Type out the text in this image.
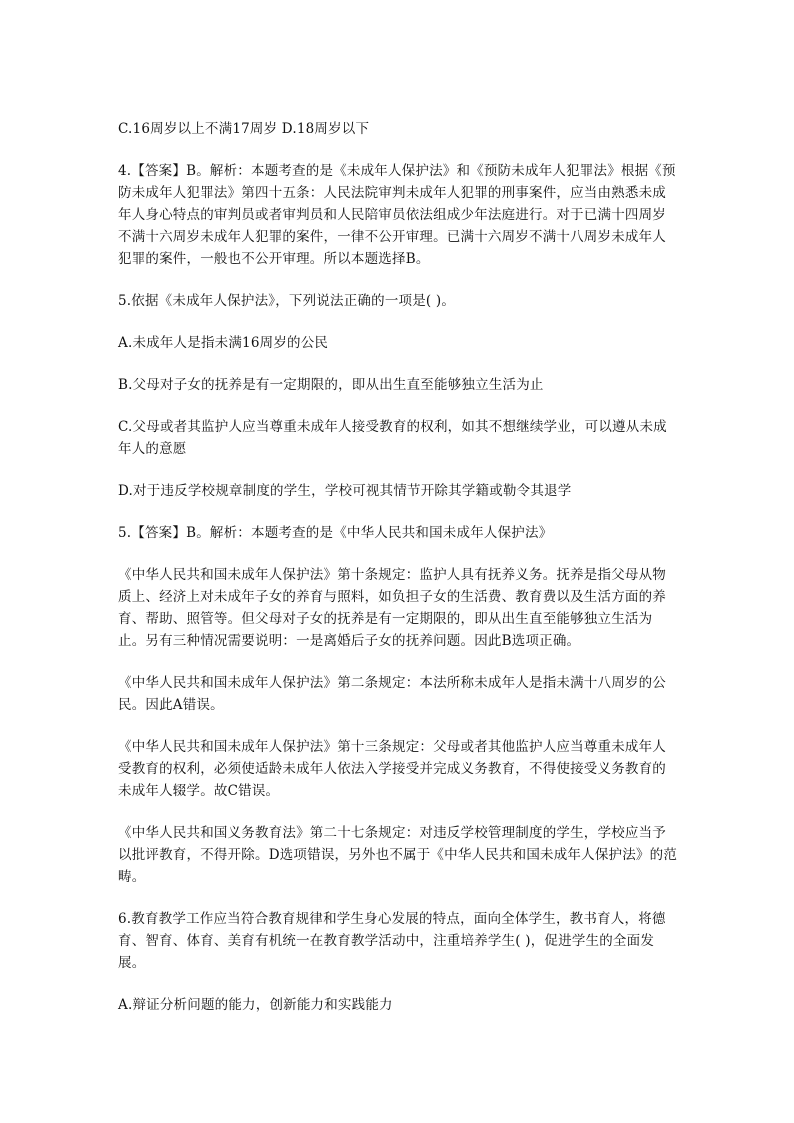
C.16周岁以上不满17周岁 D.18周岁以下

4.【答案】B。解析：本题考查的是《未成年人保护法》和《预防未成年人犯罪法》根据《预防未成年人犯罪法》第四十五条：人民法院审判未成年人犯罪的刑事案件，应当由熟悉未成年人身心特点的审判员或者审判员和人民陪审员依法组成少年法庭进行。对于已满十四周岁不满十六周岁未成年人犯罪的案件，一律不公开审理。已满十六周岁不满十八周岁未成年人犯罪的案件，一般也不公开审理。所以本题选择B。

5.依据《未成年人保护法》，下列说法正确的一项是( )。

A.未成年人是指未满16周岁的公民

B.父母对子女的抚养是有一定期限的，即从出生直至能够独立生活为止

C.父母或者其监护人应当尊重未成年人接受教育的权利，如其不想继续学业，可以遵从未成年人的意愿

D.对于违反学校规章制度的学生，学校可视其情节开除其学籍或勒令其退学

5.【答案】B。解析：本题考查的是《中华人民共和国未成年人保护法》

《中华人民共和国未成年人保护法》第十条规定：监护人具有抚养义务。抚养是指父母从物质上、经济上对未成年子女的养育与照料，如负担子女的生活费、教育费以及生活方面的养育、帮助、照管等。但父母对子女的抚养是有一定期限的，即从出生直至能够独立生活为止。另有三种情况需要说明：一是离婚后子女的抚养问题。因此B选项正确。

《中华人民共和国未成年人保护法》第二条规定：本法所称未成年人是指未满十八周岁的公民。因此A错误。

《中华人民共和国未成年人保护法》第十三条规定：父母或者其他监护人应当尊重未成年人受教育的权利，必须使适龄未成年人依法入学接受并完成义务教育，不得使接受义务教育的未成年人辍学。故C错误。

《中华人民共和国义务教育法》第二十七条规定：对违反学校管理制度的学生，学校应当予以批评教育，不得开除。D选项错误，另外也不属于《中华人民共和国未成年人保护法》的范畴。

6.教育教学工作应当符合教育规律和学生身心发展的特点，面向全体学生，教书育人，将德育、智育、体育、美育有机统一在教育教学活动中，注重培养学生( )，促进学生的全面发展。

A.辩证分析问题的能力，创新能力和实践能力
